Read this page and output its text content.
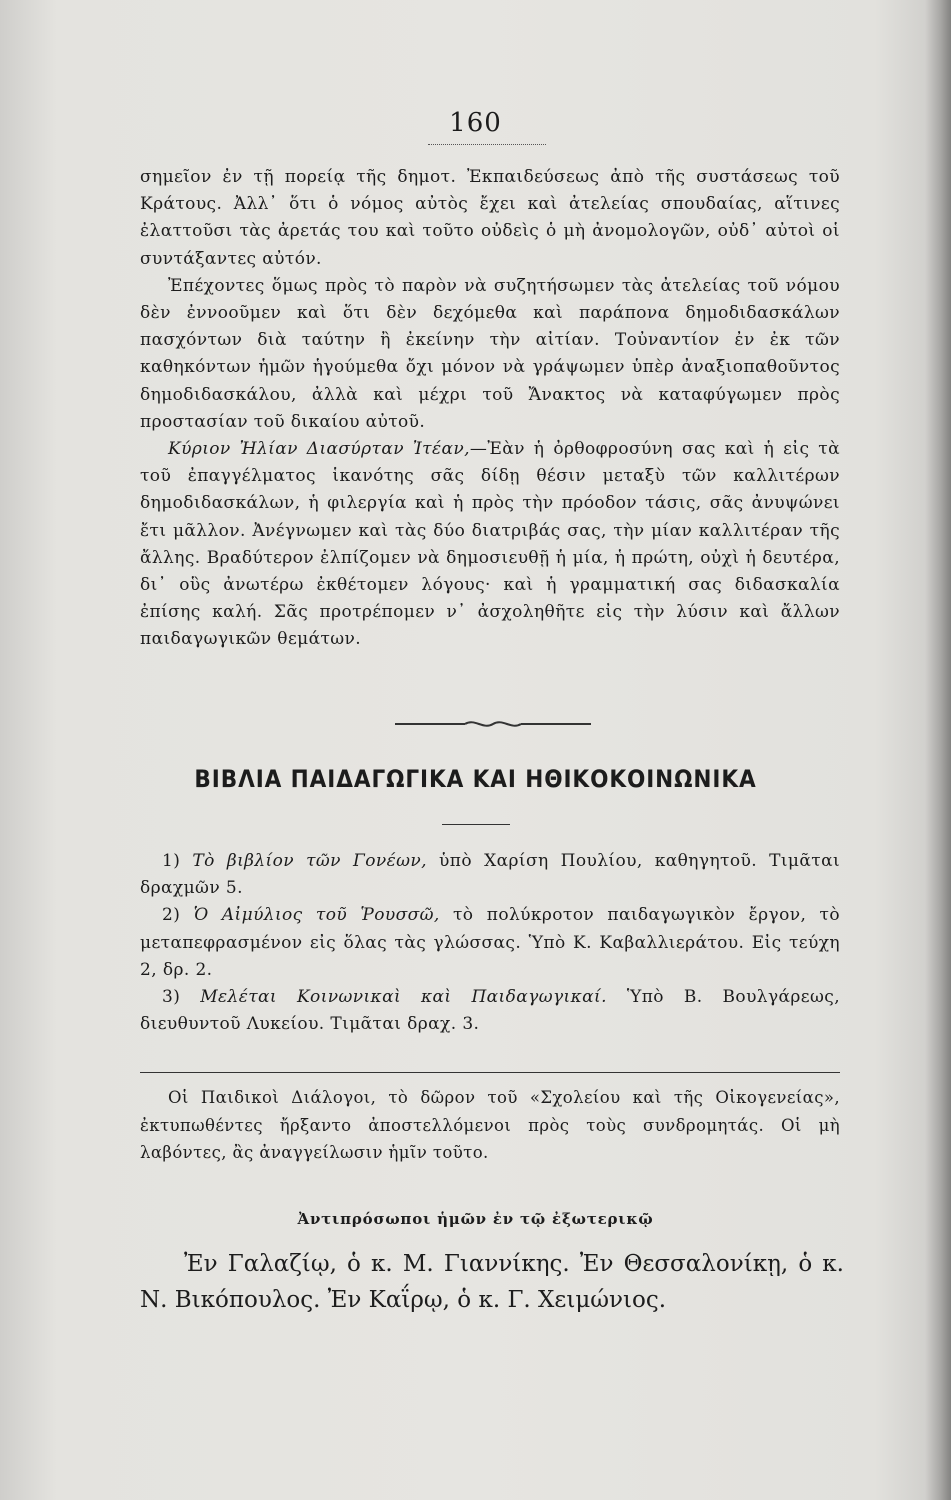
160

σημεῖον ἐν τῇ πορείᾳ τῆς δημοτ. Ἐκπαιδεύσεως ἀπὸ τῆς συστάσεως τοῦ Κράτους. Ἀλλ᾽ ὅτι ὁ νόμος αὐτὸς ἔχει καὶ ἀτελείας σπουδαίας, αἵτινες ἐλαττοῦσι τὰς ἀρετάς του καὶ τοῦτο οὐδεὶς ὁ μὴ ἀνομολογῶν, οὐδ᾽ αὐτοὶ οἱ συντάξαντες αὐτόν.

Ἐπέχοντες ὅμως πρὸς τὸ παρὸν νὰ συζητήσωμεν τὰς ἀτελείας τοῦ νόμου δὲν ἐννοοῦμεν καὶ ὅτι δὲν δεχόμεθα καὶ παράπονα δημοδιδασκάλων πασχόντων διὰ ταύτην ἢ ἐκείνην τὴν αἰτίαν. Τοὐναντίον ἐν ἐκ τῶν καθηκόντων ἡμῶν ἡγούμεθα ὄχι μόνον νὰ γράψωμεν ὑπὲρ ἀναξιοπαθοῦντος δημοδιδασκάλου, ἀλλὰ καὶ μέχρι τοῦ Ἄνακτος νὰ καταφύγωμεν πρὸς προστασίαν τοῦ δικαίου αὐτοῦ.

Κύριον Ἠλίαν Διασύρταν Ἰτέαν,—Ἐὰν ἡ ὀρθοφροσύνη σας καὶ ἡ εἰς τὰ τοῦ ἐπαγγέλματος ἱκανότης σᾶς δίδῃ θέσιν μεταξὺ τῶν καλλιτέρων δημοδιδασκάλων, ἡ φιλεργία καὶ ἡ πρὸς τὴν πρόοδον τάσις, σᾶς ἀνυψώνει ἔτι μᾶλλον. Ἀνέγνωμεν καὶ τὰς δύο διατριβάς σας, τὴν μίαν καλλιτέραν τῆς ἄλλης. Βραδύτερον ἐλπίζομεν νὰ δημοσιευθῇ ἡ μία, ἡ πρώτη, οὐχὶ ἡ δευτέρα, δι᾽ οὓς ἀνωτέρω ἐκθέτομεν λόγους· καὶ ἡ γραμματική σας διδασκαλία ἐπίσης καλή. Σᾶς προτρέπομεν ν᾽ ἀσχοληθῆτε εἰς τὴν λύσιν καὶ ἄλλων παιδαγωγικῶν θεμάτων.

ΒΙΒΛΙΑ ΠΑΙΔΑΓΩΓΙΚΑ ΚΑΙ ΗΘΙΚΟΚΟΙΝΩΝΙΚΑ

1) Τὸ βιβλίον τῶν Γονέων, ὑπὸ Χαρίση Πουλίου, καθηγητοῦ. Τιμᾶται δραχμῶν 5.

2) Ὁ Αἰμύλιος τοῦ Ῥουσσῶ, τὸ πολύκροτον παιδαγωγικὸν ἔργον, τὸ μεταπεφρασμένον εἰς ὅλας τὰς γλώσσας. Ὑπὸ Κ. Καβαλλιεράτου. Εἰς τεύχη 2, δρ. 2.

3) Μελέται Κοινωνικαὶ καὶ Παιδαγωγικαί. Ὑπὸ Β. Βουλγάρεως, διευθυντοῦ Λυκείου. Τιμᾶται δραχ. 3.

Οἱ Παιδικοὶ Διάλογοι, τὸ δῶρον τοῦ «Σχολείου καὶ τῆς Οἰκογενείας», ἐκτυπωθέντες ἤρξαντο ἀποστελλόμενοι πρὸς τοὺς συνδρομητάς. Οἱ μὴ λαβόντες, ἂς ἀναγγείλωσιν ἡμῖν τοῦτο.

Ἀντιπρόσωποι ἡμῶν ἐν τῷ ἐξωτερικῷ

Ἐν Γαλαζίῳ, ὁ κ. Μ. Γιαννίκης. Ἐν Θεσσαλονίκῃ, ὁ κ. Ν. Βικόπουλος. Ἐν Καΐρῳ, ὁ κ. Γ. Χειμώνιος.
